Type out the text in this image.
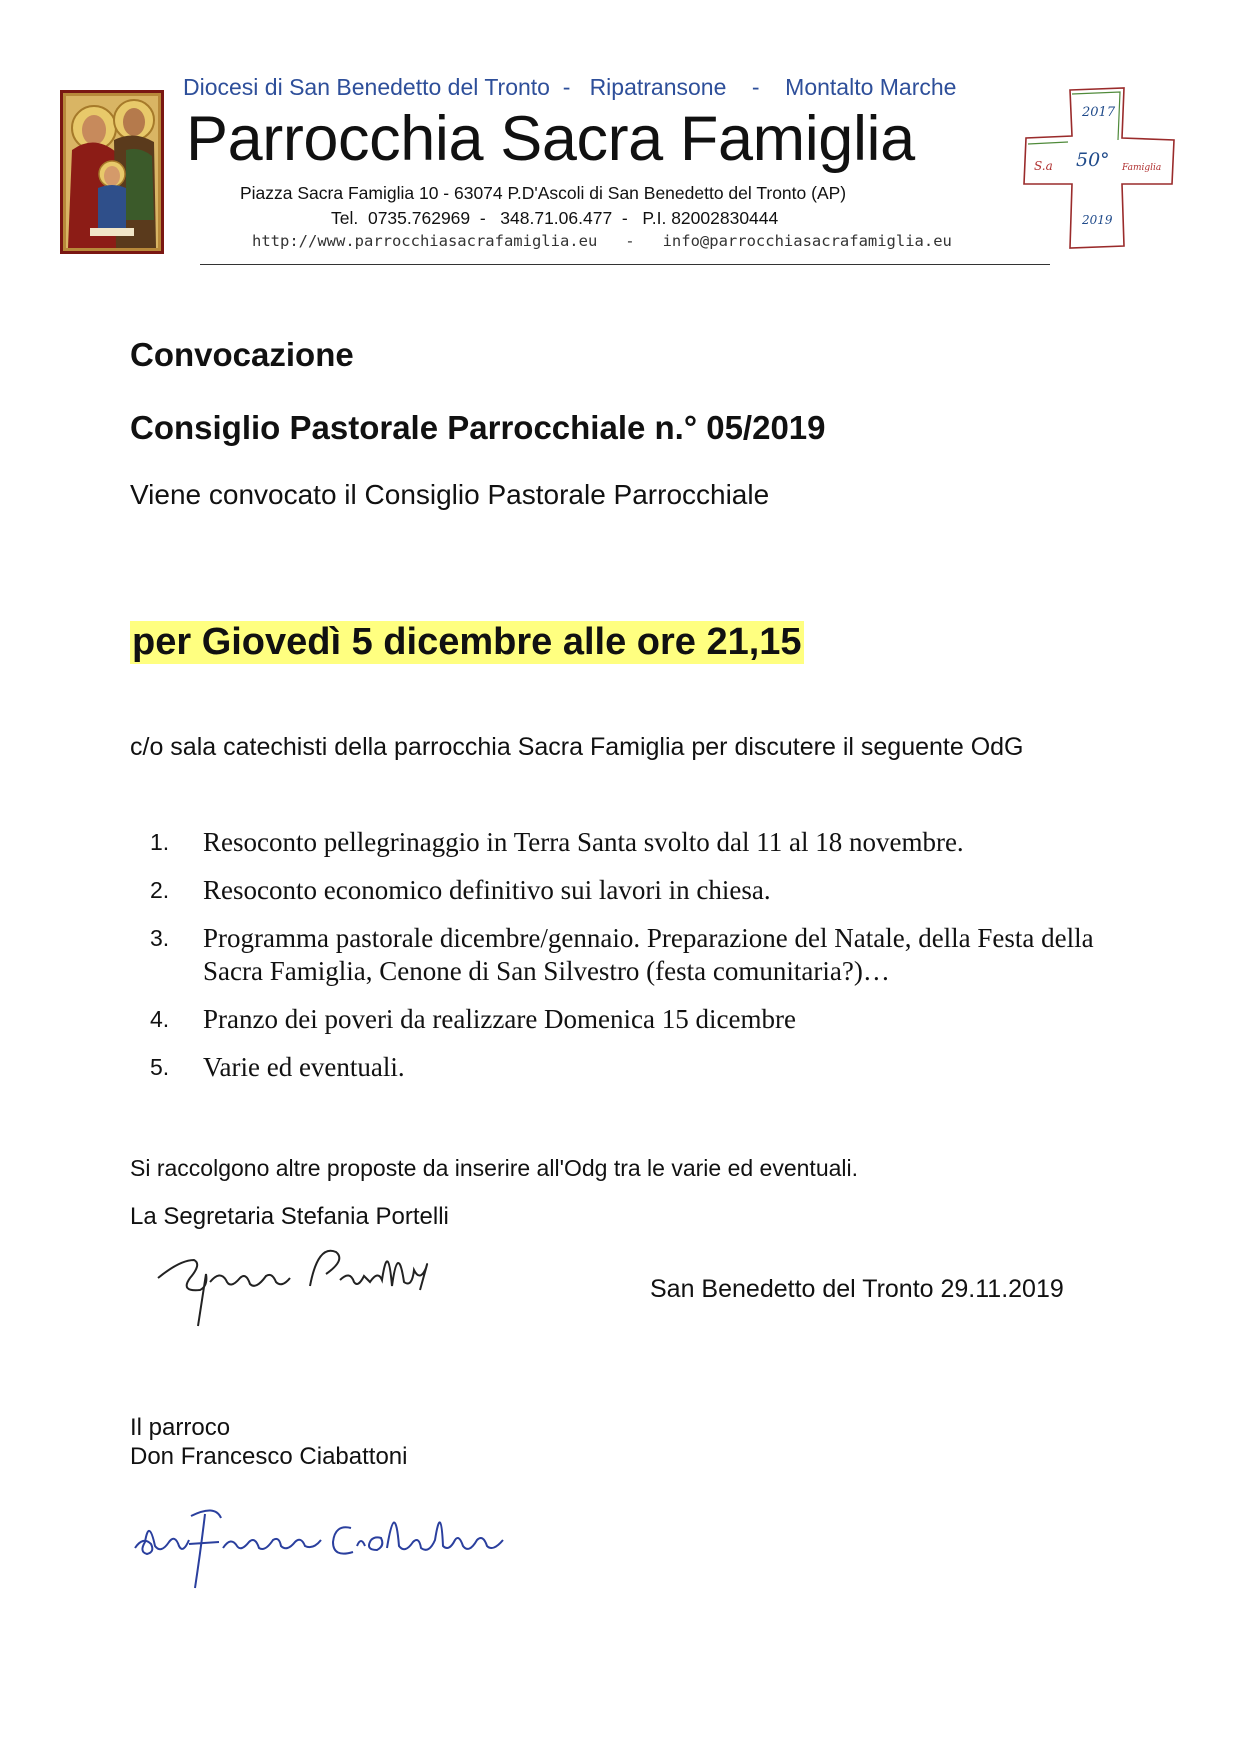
Diocesi di San Benedetto del Tronto  -   Ripatransone    -    Montalto Marche
Parrocchia Sacra Famiglia
Piazza Sacra Famiglia 10 - 63074 P.D'Ascoli di San Benedetto del Tronto (AP)
Tel.  0735.762969  -   348.71.06.477  -   P.I. 82002830444
http://www.parrocchiasacrafamiglia.eu   -   info@parrocchiasacrafamiglia.eu
2017
S.a 50° Famiglia
2019
Convocazione
Consiglio Pastorale Parrocchiale n.° 05/2019
Viene convocato il Consiglio Pastorale Parrocchiale
per Giovedì 5 dicembre alle ore 21,15
c/o sala catechisti della parrocchia Sacra Famiglia per discutere il seguente OdG
1.	Resoconto pellegrinaggio in Terra Santa svolto dal 11 al 18 novembre.
2.	Resoconto economico definitivo sui lavori in chiesa.
3.	Programma pastorale dicembre/gennaio. Preparazione del Natale, della Festa della Sacra Famiglia, Cenone di San Silvestro (festa comunitaria?)…
4.	Pranzo dei poveri da realizzare Domenica 15 dicembre
5.	Varie ed eventuali.
Si raccolgono altre proposte da inserire all'Odg tra le varie ed eventuali.
La Segretaria Stefania Portelli
San Benedetto del Tronto 29.11.2019
Il parroco
Don Francesco Ciabattoni
